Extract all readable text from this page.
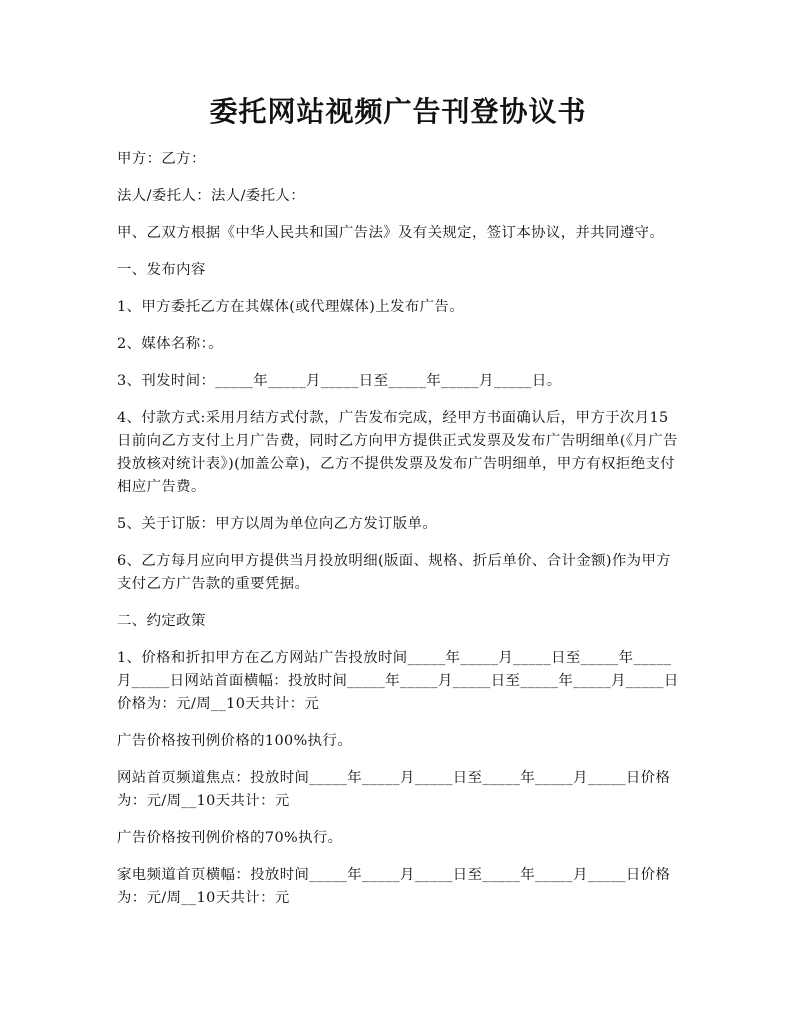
委托网站视频广告刊登协议书

甲方：乙方：

法人/委托人：法人/委托人：

甲、乙双方根据《中华人民共和国广告法》及有关规定，签订本协议，并共同遵守。

一、发布内容

1、甲方委托乙方在其媒体(或代理媒体)上发布广告。

2、媒体名称：。

3、刊发时间：_____年_____月_____日至_____年_____月_____日。

4、付款方式:采用月结方式付款，广告发布完成，经甲方书面确认后，甲方于次月15日前向乙方支付上月广告费，同时乙方向甲方提供正式发票及发布广告明细单(《月广告投放核对统计表》)(加盖公章)，乙方不提供发票及发布广告明细单，甲方有权拒绝支付相应广告费。

5、关于订版：甲方以周为单位向乙方发订版单。

6、乙方每月应向甲方提供当月投放明细(版面、规格、折后单价、合计金额)作为甲方支付乙方广告款的重要凭据。

二、约定政策

1、价格和折扣甲方在乙方网站广告投放时间_____年_____月_____日至_____年_____月_____日网站首面横幅：投放时间_____年_____月_____日至_____年_____月_____日价格为：元/周__10天共计：元

广告价格按刊例价格的100%执行。

网站首页频道焦点：投放时间_____年_____月_____日至_____年_____月_____日价格为：元/周__10天共计：元

广告价格按刊例价格的70%执行。

家电频道首页横幅：投放时间_____年_____月_____日至_____年_____月_____日价格为：元/周__10天共计：元
